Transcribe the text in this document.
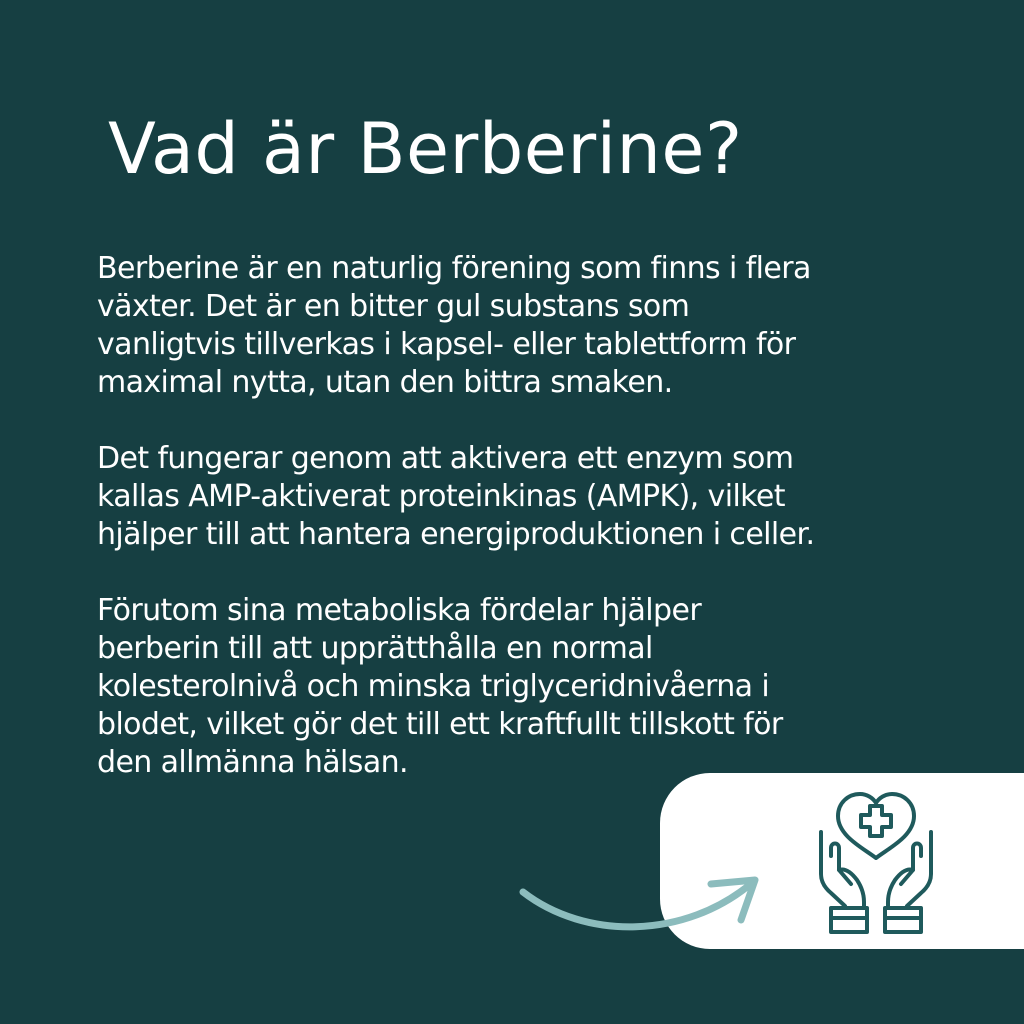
Vad är Berberine?

Berberine är en naturlig förening som finns i flera
växter. Det är en bitter gul substans som
vanligtvis tillverkas i kapsel- eller tablettform för
maximal nytta, utan den bittra smaken.

Det fungerar genom att aktivera ett enzym som
kallas AMP-aktiverat proteinkinas (AMPK), vilket
hjälper till att hantera energiproduktionen i celler.

Förutom sina metaboliska fördelar hjälper
berberin till att upprätthålla en normal
kolesterolnivå och minska triglyceridnivåerna i
blodet, vilket gör det till ett kraftfullt tillskott för
den allmänna hälsan.
